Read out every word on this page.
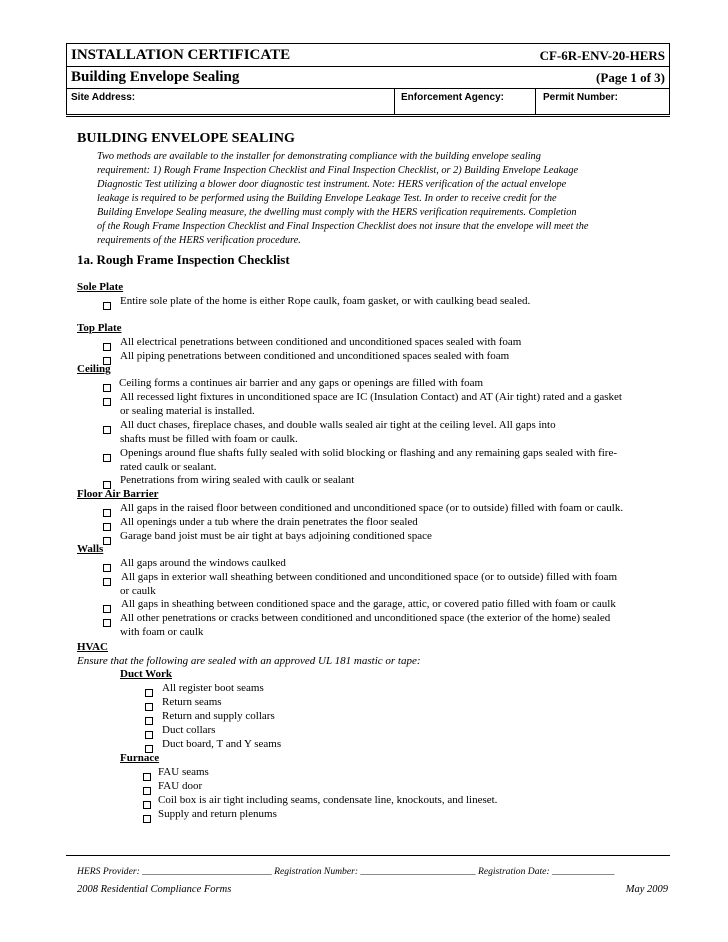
INSTALLATION CERTIFICATE	CF-6R-ENV-20-HERS
Building Envelope Sealing	(Page 1 of 3)
Site Address:	Enforcement Agency:	Permit Number:
BUILDING ENVELOPE SEALING
Two methods are available to the installer for demonstrating compliance with the building envelope sealing
requirement: 1) Rough Frame Inspection Checklist and Final Inspection Checklist, or 2) Building Envelope Leakage
Diagnostic Test utilizing a blower door diagnostic test instrument. Note: HERS verification of the actual envelope
leakage is required to be performed using the Building Envelope Leakage Test. In order to receive credit for the
Building Envelope Sealing measure, the dwelling must comply with the HERS verification requirements. Completion
of the Rough Frame Inspection Checklist and Final Inspection Checklist does not insure that the envelope will meet the
requirements of the HERS verification procedure.
1a. Rough Frame Inspection Checklist
Sole Plate
Entire sole plate of the home is either Rope caulk, foam gasket, or with caulking bead sealed.
Top Plate
All electrical penetrations between conditioned and unconditioned spaces sealed with foam
All piping penetrations between conditioned and unconditioned spaces sealed with foam
Ceiling
Ceiling forms a continues air barrier and any gaps or openings are filled with foam
All recessed light fixtures in unconditioned space are IC (Insulation Contact) and AT (Air tight) rated and a gasket
or sealing material is installed.
All duct chases, fireplace chases, and double walls sealed air tight at the ceiling level. All gaps into
shafts must be filled with foam or caulk.
Openings around flue shafts fully sealed with solid blocking or flashing and any remaining gaps sealed with fire-
rated caulk or sealant.
Penetrations from wiring sealed with caulk or sealant
Floor Air Barrier
All gaps in the raised floor between conditioned and unconditioned space (or to outside) filled with foam or caulk.
All openings under a tub where the drain penetrates the floor sealed
Garage band joist must be air tight at bays adjoining conditioned space
Walls
All gaps around the windows caulked
All gaps in exterior wall sheathing between conditioned and unconditioned space (or to outside) filled with foam
or caulk
All gaps in sheathing between conditioned space and the garage, attic, or covered patio filled with foam or caulk
All other penetrations or cracks between conditioned and unconditioned space (the exterior of the home) sealed
with foam or caulk
HVAC
Ensure that the following are sealed with an approved UL 181 mastic or tape:
Duct Work
All register boot seams
Return seams
Return and supply collars
Duct collars
Duct board, T and Y seams
Furnace
FAU seams
FAU door
Coil box is air tight including seams, condensate line, knockouts, and lineset.
Supply and return plenums
HERS Provider: ___________________________ Registration Number: ________________________ Registration Date: _____________
2008 Residential Compliance Forms	May 2009
